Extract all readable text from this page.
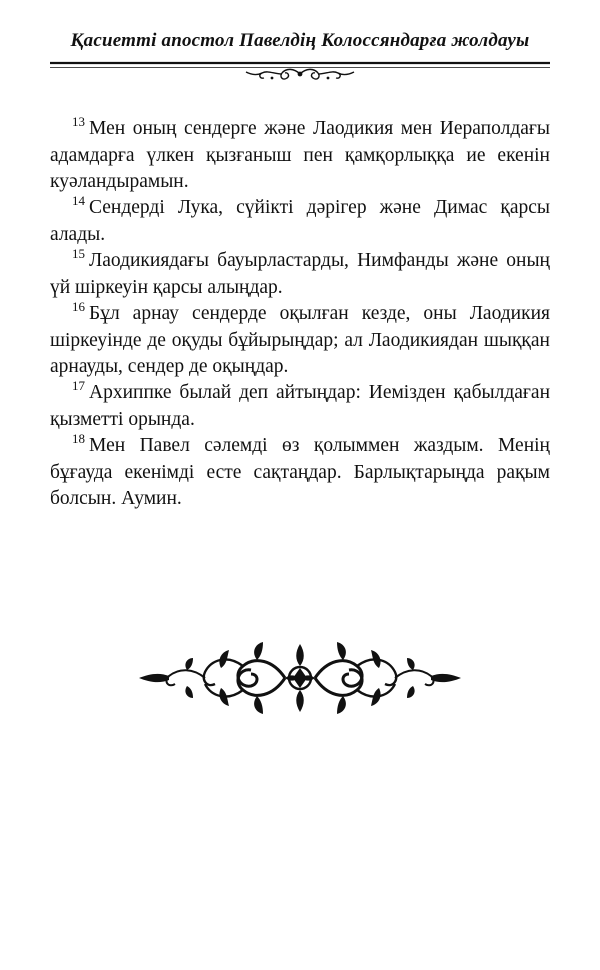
Қасиетті апостол Павелдің Колоссяндарға жолдауы

$^{13}$ Мен оның сендерге және Лаодикия мен Иераполдағы адамдарға үлкен қызғаныш пен қамқорлыққа ие екенін куәландырамын.

$^{14}$ Сендерді Лука, сүйікті дәрігер және Димас қарсы алады.

$^{15}$ Лаодикиядағы бауырластарды, Нимфанды және оның үй шіркеуін қарсы алыңдар.

$^{16}$ Бұл арнау сендерде оқылған кезде, оны Лаодикия шіркеуінде де оқуды бұйырыңдар; ал Лаодикиядан шыққан арнауды, сендер де оқыңдар.

$^{17}$ Архиппке былай деп айтыңдар: Иемізден қабылдаған қызметті орында.

$^{18}$ Мен Павел сәлемді өз қолыммен жаздым. Менің бұғауда екенімді есте сақтаңдар. Барлықтарыңда рақым болсын. Аумин.
